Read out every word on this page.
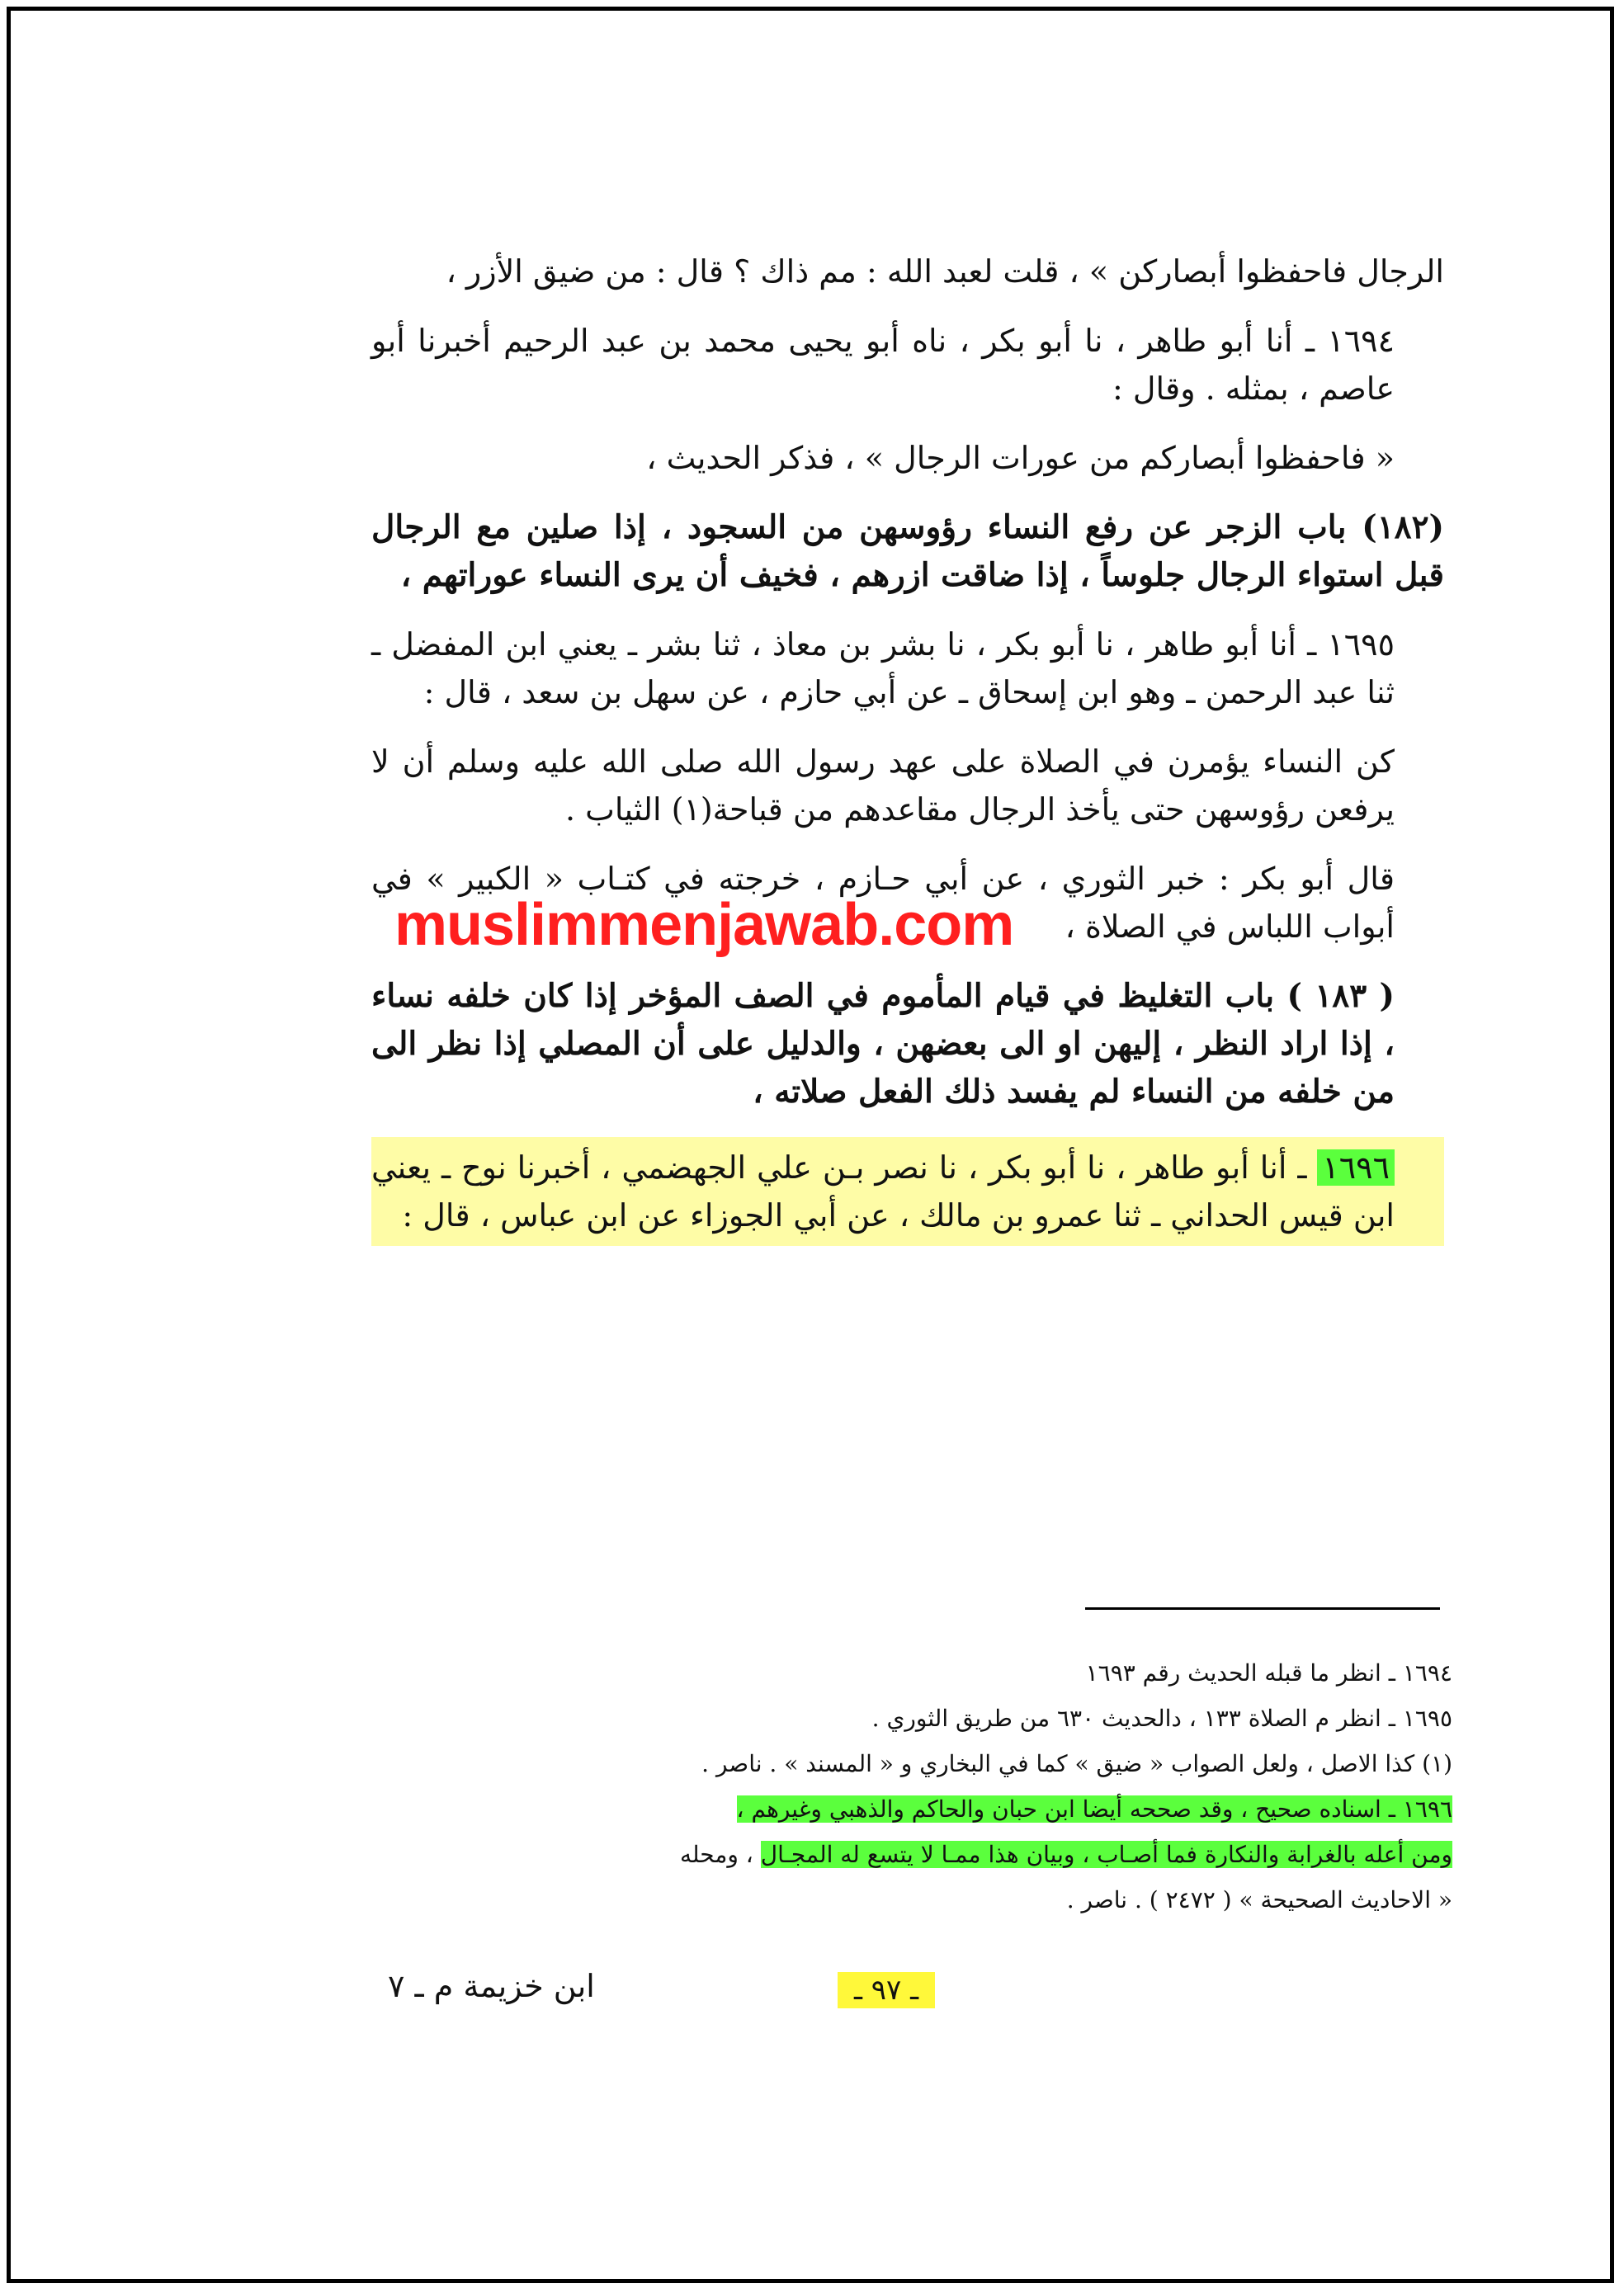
الرجال فاحفظوا أبصاركن » ، قلت لعبد الله : مم ذاك ؟ قال : من ضيق الأزر ،

١٦٩٤ ـ أنا أبو طاهر ، نا أبو بكر ، ناه أبو يحيى محمد بن عبد الرحيم أخبرنا أبو عاصم ، بمثله . وقال :

« فاحفظوا أبصاركم من عورات الرجال » ، فذكر الحديث ،

(١٨٢) باب الزجر عن رفع النساء رؤوسهن من السجود ، إذا صلين مع الرجال قبل استواء الرجال جلوساً ، إذا ضاقت ازرهم ، فخيف أن يرى النساء عوراتهم ،

١٦٩٥ ـ أنا أبو طاهر ، نا أبو بكر ، نا بشر بن معاذ ، ثنا بشر ـ يعني ابن المفضل ـ ثنا عبد الرحمن ـ وهو ابن إسحاق ـ عن أبي حازم ، عن سهل بن سعد ، قال :

كن النساء يؤمرن في الصلاة على عهد رسول الله صلى الله عليه وسلم أن لا يرفعن رؤوسهن حتى يأخذ الرجال مقاعدهم من قباحة(١) الثياب .

قال أبو بكر : خبر الثوري ، عن أبي حـازم ، خرجته في كتـاب « الكبير » في أبواب اللباس في الصلاة ،

( ١٨٣ ) باب التغليظ في قيام المأموم في الصف المؤخر إذا كان خلفه نساء ، إذا اراد النظر ، إليهن او الى بعضهن ، والدليل على أن المصلي إذا نظر الى من خلفه من النساء لم يفسد ذلك الفعل صلاته ،

١٦٩٦ ـ أنا أبو طاهر ، نا أبو بكر ، نا نصر بـن علي الجهضمي ، أخبرنا نوح ـ يعني ابن قيس الحداني ـ ثنا عمرو بن مالك ، عن أبي الجوزاء عن ابن عباس ، قال :

muslimmenjawab.com

١٦٩٤ ـ انظر ما قبله الحديث رقم ١٦٩٣

١٦٩٥ ـ انظر م الصلاة ١٣٣ ، دالحديث ٦٣٠ من طريق الثوري .

(١) كذا الاصل ، ولعل الصواب « ضيق » كما في البخاري و « المسند » . ناصر .

١٦٩٦ ـ اسناده صحيح ، وقد صححه أيضا ابن حبان والحاكم والذهبي وغيرهم ،

ومن أعله بالغرابة والنكارة فما أصـاب ، وبيان هذا ممـا لا يتسع له المجـال ، ومحله

« الاحاديث الصحيحة » ( ٢٤٧٢ ) . ناصر .

ـ ٩٧ ـ
ابن خزيمة م ـ ٧
